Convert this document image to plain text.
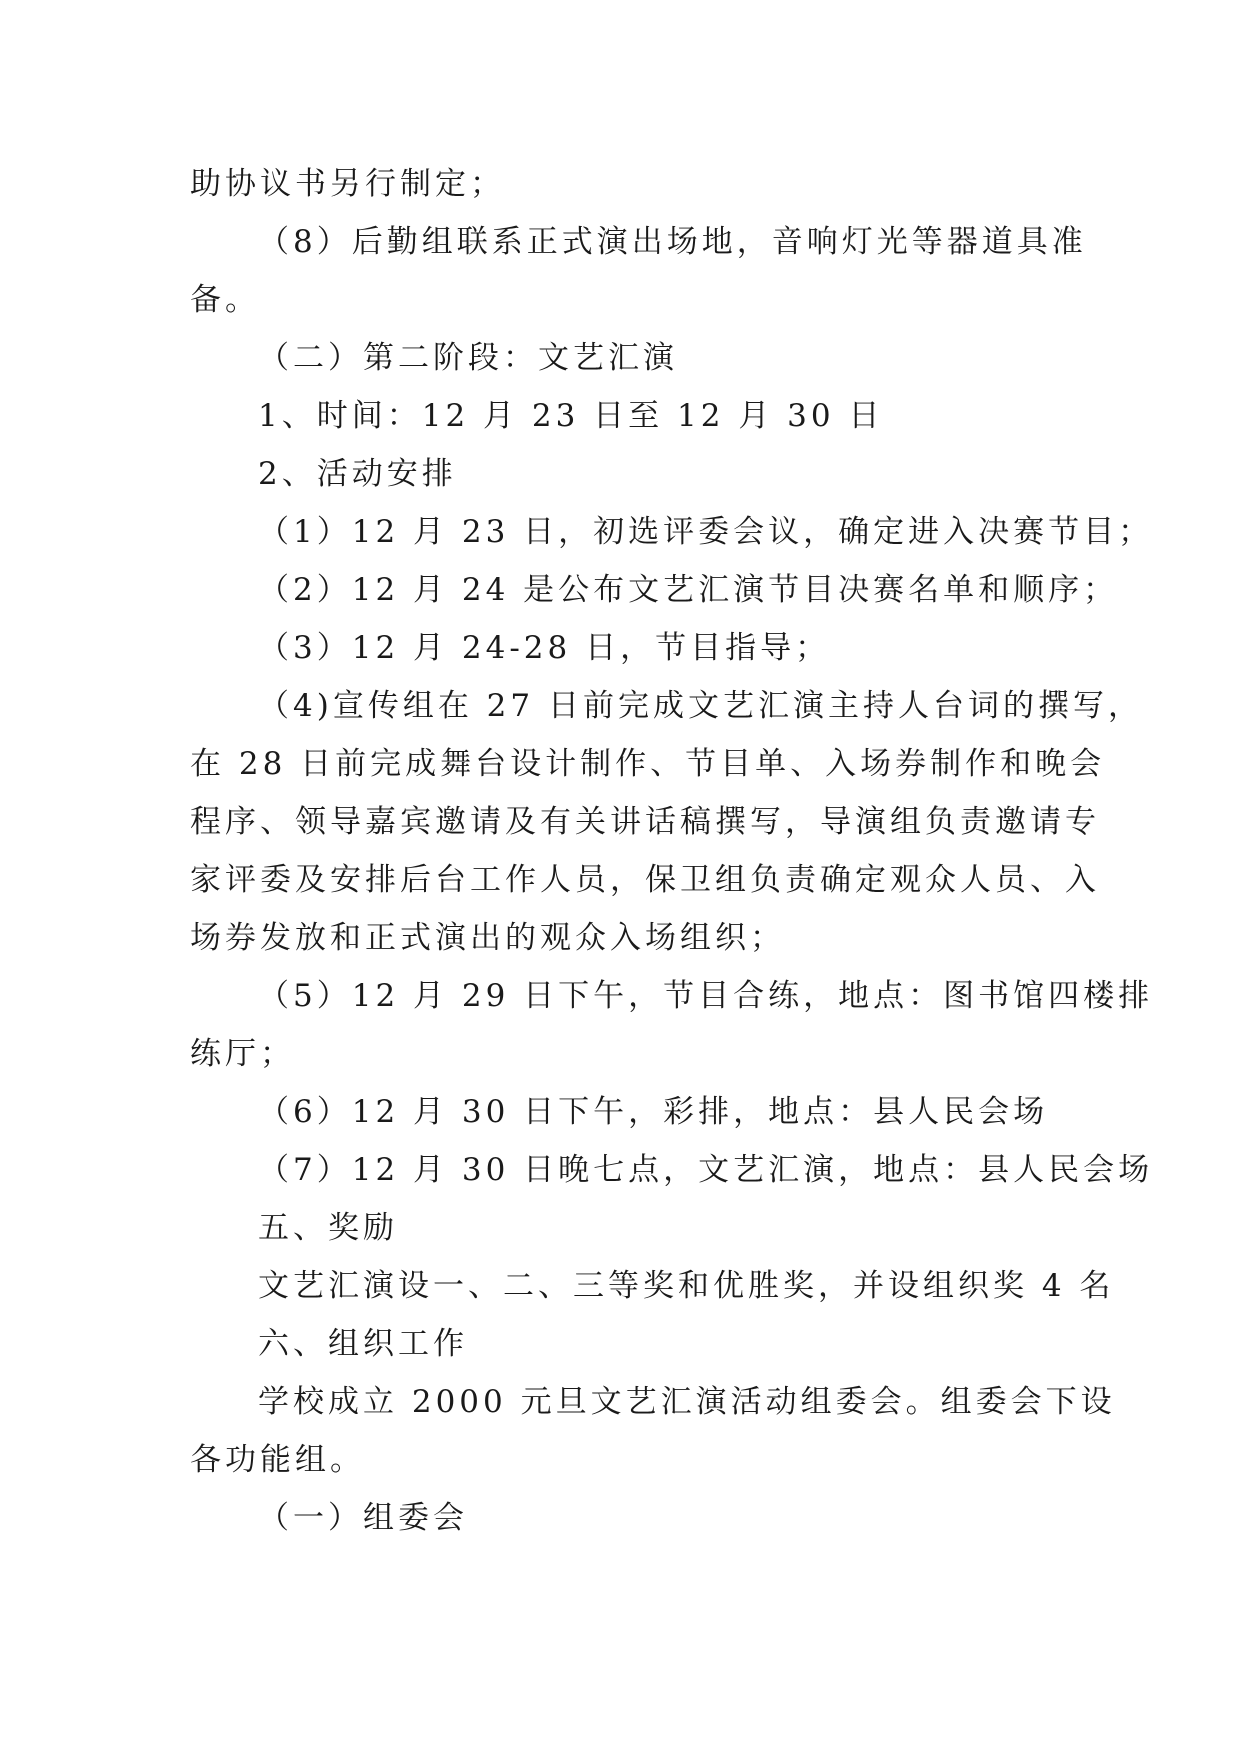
助协议书另行制定；
（8）后勤组联系正式演出场地，音响灯光等器道具准
备。
（二）第二阶段：文艺汇演
1、时间：12 月 23 日至 12 月 30 日
2、活动安排
（1）12 月 23 日，初选评委会议，确定进入决赛节目；
（2）12 月 24 是公布文艺汇演节目决赛名单和顺序；
（3）12 月 24-28 日，节目指导；
（4)宣传组在 27 日前完成文艺汇演主持人台词的撰写，
在 28 日前完成舞台设计制作、节目单、入场券制作和晚会
程序、领导嘉宾邀请及有关讲话稿撰写，导演组负责邀请专
家评委及安排后台工作人员，保卫组负责确定观众人员、入
场券发放和正式演出的观众入场组织；
（5）12 月 29 日下午，节目合练，地点：图书馆四楼排
练厅；
（6）12 月 30 日下午，彩排，地点：县人民会场
（7）12 月 30 日晚七点，文艺汇演，地点：县人民会场
五、奖励
文艺汇演设一、二、三等奖和优胜奖，并设组织奖 4 名
六、组织工作
学校成立 2000 元旦文艺汇演活动组委会。组委会下设
各功能组。
（一）组委会
